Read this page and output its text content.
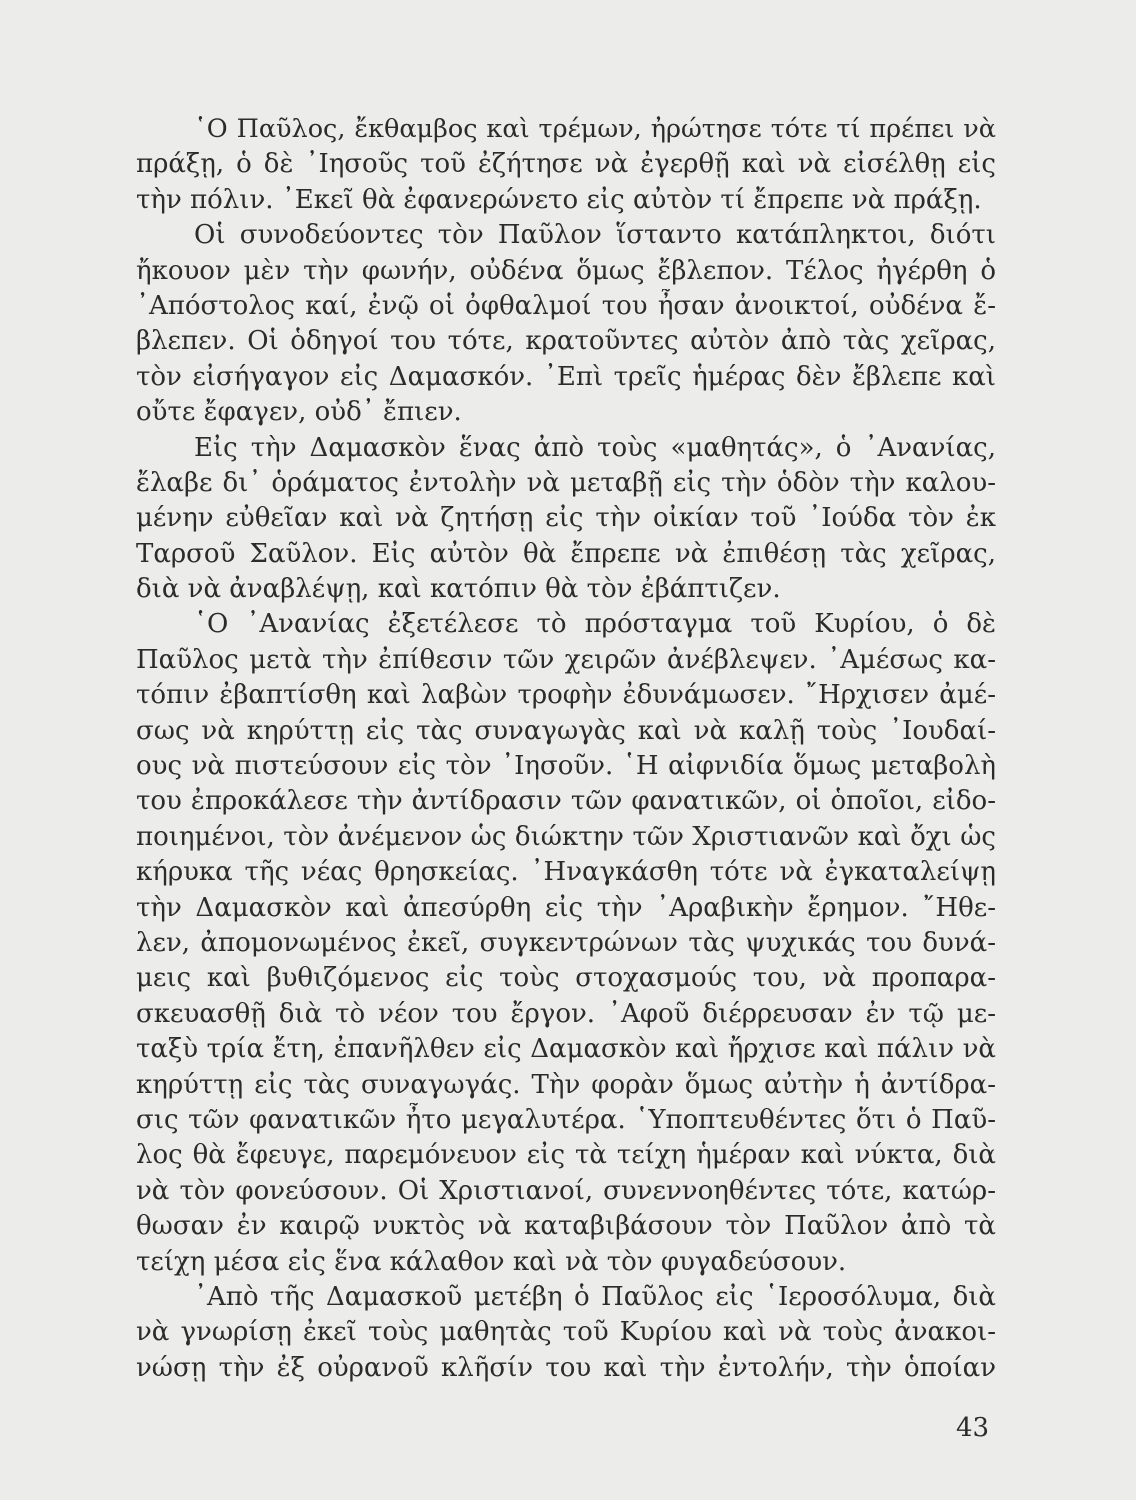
῾Ο Παῦλος, ἔκθαμβος καὶ τρέμων, ἠρώτησε τότε τί πρέπει νὰ
πράξῃ, ὁ δὲ ᾽Ιησοῦς τοῦ ἐζήτησε νὰ ἐγερθῇ καὶ νὰ εἰσέλθῃ εἰς
τὴν πόλιν. ᾽Εκεῖ θὰ ἐφανερώνετο εἰς αὐτὸν τί ἔπρεπε νὰ πράξῃ.
Οἱ συνοδεύοντες τὸν Παῦλον ἵσταντο κατάπληκτοι, διότι
ἤκουον μὲν τὴν φωνήν, οὐδένα ὅμως ἔβλεπον. Τέλος ἠγέρθη ὁ
᾽Απόστολος καί, ἐνῷ οἱ ὀφθαλμοί του ἦσαν ἀνοικτοί, οὐδένα ἔ-
βλεπεν. Οἱ ὁδηγοί του τότε, κρατοῦντες αὐτὸν ἀπὸ τὰς χεῖρας,
τὸν εἰσήγαγον εἰς Δαμασκόν. ᾽Επὶ τρεῖς ἡμέρας δὲν ἔβλεπε καὶ
οὔτε ἔφαγεν, οὐδ᾽ ἔπιεν.
Εἰς τὴν Δαμασκὸν ἕνας ἀπὸ τοὺς «μαθητάς», ὁ ᾽Ανανίας,
ἔλαβε δι᾽ ὁράματος ἐντολὴν νὰ μεταβῇ εἰς τὴν ὁδὸν τὴν καλου-
μένην εὐθεῖαν καὶ νὰ ζητήσῃ εἰς τὴν οἰκίαν τοῦ ᾽Ιούδα τὸν ἐκ
Ταρσοῦ Σαῦλον. Εἰς αὐτὸν θὰ ἔπρεπε νὰ ἐπιθέσῃ τὰς χεῖρας,
διὰ νὰ ἀναβλέψῃ, καὶ κατόπιν θὰ τὸν ἐβάπτιζεν.
῾Ο ᾽Ανανίας ἐξετέλεσε τὸ πρόσταγμα τοῦ Κυρίου, ὁ δὲ
Παῦλος μετὰ τὴν ἐπίθεσιν τῶν χειρῶν ἀνέβλεψεν. ᾽Αμέσως κα-
τόπιν ἐβαπτίσθη καὶ λαβὼν τροφὴν ἐδυνάμωσεν. ῎Ηρχισεν ἀμέ-
σως νὰ κηρύττῃ εἰς τὰς συναγωγὰς καὶ νὰ καλῇ τοὺς ᾽Ιουδαί-
ους νὰ πιστεύσουν εἰς τὸν ᾽Ιησοῦν. ῾Η αἰφνιδία ὅμως μεταβολὴ
του ἐπροκάλεσε τὴν ἀντίδρασιν τῶν φανατικῶν, οἱ ὁποῖοι, εἰδο-
ποιημένοι, τὸν ἀνέμενον ὡς διώκτην τῶν Χριστιανῶν καὶ ὄχι ὡς
κήρυκα τῆς νέας θρησκείας. ᾽Ηναγκάσθη τότε νὰ ἐγκαταλείψῃ
τὴν Δαμασκὸν καὶ ἀπεσύρθη εἰς τὴν ᾽Αραβικὴν ἔρημον. ῎Ηθε-
λεν, ἀπομονωμένος ἐκεῖ, συγκεντρώνων τὰς ψυχικάς του δυνά-
μεις καὶ βυθιζόμενος εἰς τοὺς στοχασμούς του, νὰ προπαρα-
σκευασθῇ διὰ τὸ νέον του ἔργον. ᾽Αφοῦ διέρρευσαν ἐν τῷ με-
ταξὺ τρία ἔτη, ἐπανῆλθεν εἰς Δαμασκὸν καὶ ἤρχισε καὶ πάλιν νὰ
κηρύττῃ εἰς τὰς συναγωγάς. Τὴν φορὰν ὅμως αὐτὴν ἡ ἀντίδρα-
σις τῶν φανατικῶν ἦτο μεγαλυτέρα. ῾Υποπτευθέντες ὅτι ὁ Παῦ-
λος θὰ ἔφευγε, παρεμόνευον εἰς τὰ τείχη ἡμέραν καὶ νύκτα, διὰ
νὰ τὸν φονεύσουν. Οἱ Χριστιανοί, συνεννοηθέντες τότε, κατώρ-
θωσαν ἐν καιρῷ νυκτὸς νὰ καταβιβάσουν τὸν Παῦλον ἀπὸ τὰ
τείχη μέσα εἰς ἕνα κάλαθον καὶ νὰ τὸν φυγαδεύσουν.
᾽Απὸ τῆς Δαμασκοῦ μετέβη ὁ Παῦλος εἰς ῾Ιεροσόλυμα, διὰ
νὰ γνωρίσῃ ἐκεῖ τοὺς μαθητὰς τοῦ Κυρίου καὶ νὰ τοὺς ἀνακοι-
νώσῃ τὴν ἐξ οὐρανοῦ κλῆσίν του καὶ τὴν ἐντολήν, τὴν ὁποίαν
43
